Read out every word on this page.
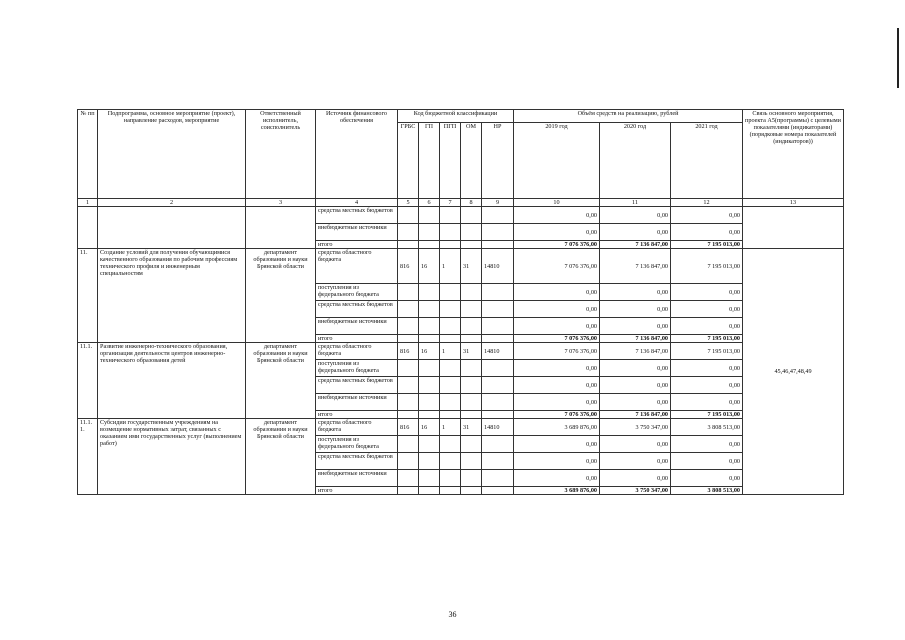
№ пп	Подпрограмма, основное мероприятие (проект), направление расходов, мероприятие	Ответственный исполнитель, соисполнитель	Источник финансового обеспечения	Код бюджетной классификации					Объём средств на реализацию, рублей			Связь основного мероприятия, проекта А5(программы) с целевыми показателями (индикаторами) (порядковые номера показателей (индикаторов))
				ГРБС	ГП	ПГП	ОМ	НР	2019 год	2020 год	2021 год	
1	2	3	4	5	6	7	8	9	10	11	12	13
			средства местных бюджетов						0,00	0,00	0,00	
			внебюджетные источники						0,00	0,00	0,00	
			итого						7 076 376,00	7 136 847,00	7 195 013,00	
11.	Создание условий для получения обучающимися качественного образования по рабочим профессиям технического профиля и инженерным специальностям	департамент образования и науки Брянской области	средства областного бюджета	816	16	1	31	14810	7 076 376,00	7 136 847,00	7 195 013,00	45,46,47,48,49
			поступления из федерального бюджета						0,00	0,00	0,00	
			средства местных бюджетов						0,00	0,00	0,00	
			внебюджетные источники						0,00	0,00	0,00	
			итого						7 076 376,00	7 136 847,00	7 195 013,00	
11.1.	Развитие инженерно-технического образования, организация деятельности центров инженерно-технического образования детей	департамент образования и науки Брянской области	средства областного бюджета	816	16	1	31	14810	7 076 376,00	7 136 847,00	7 195 013,00	
			поступления из федерального бюджета						0,00	0,00	0,00	
			средства местных бюджетов						0,00	0,00	0,00	
			внебюджетные источники						0,00	0,00	0,00	
			итого						7 076 376,00	7 136 847,00	7 195 013,00	
11.1.1.	Субсидии государственным учреждениям на возмещение нормативных затрат, связанных с оказанием ими государственных услуг (выполнением работ)	департамент образования и науки Брянской области	средства областного бюджета	816	16	1	31	14810	3 689 876,00	3 750 347,00	3 808 513,00	
			поступления из федерального бюджета						0,00	0,00	0,00	
			средства местных бюджетов						0,00	0,00	0,00	
			внебюджетные источники						0,00	0,00	0,00	
			итого						3 689 876,00	3 750 347,00	3 808 513,00	
36
